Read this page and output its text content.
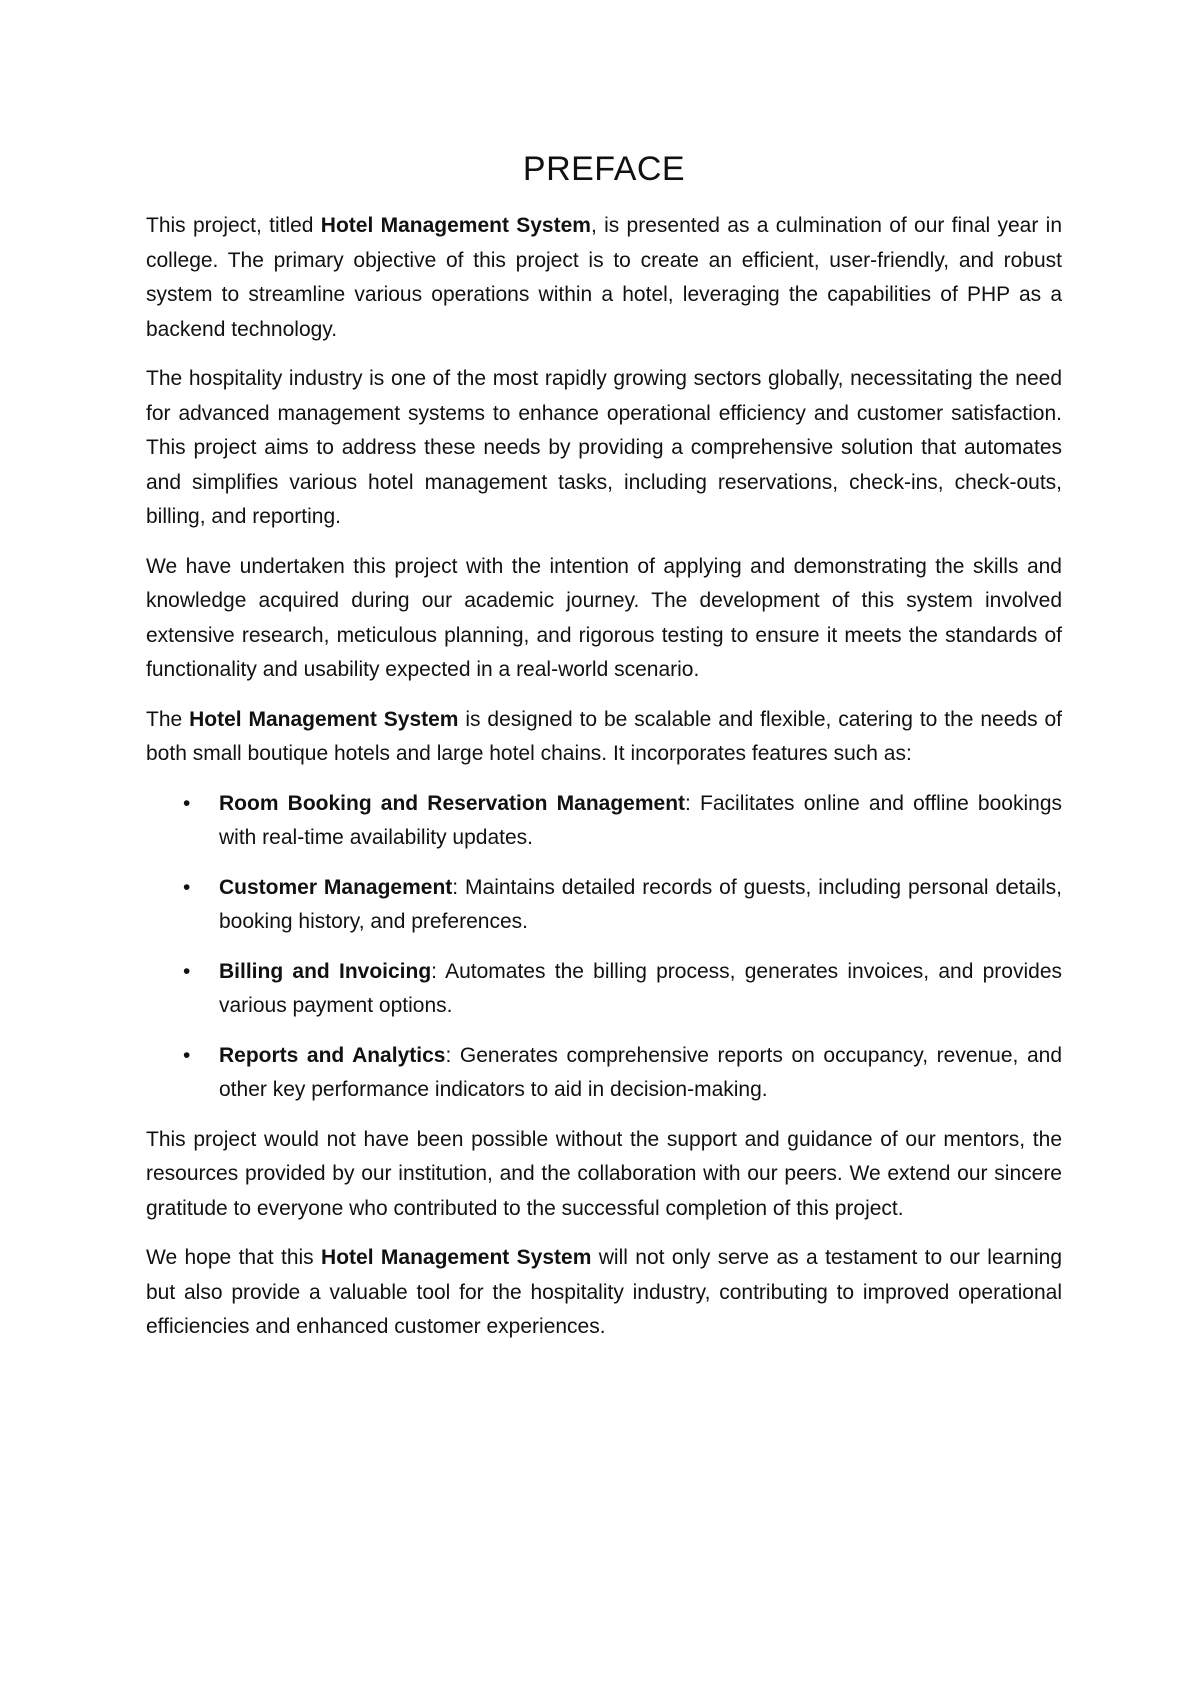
PREFACE

This project, titled Hotel Management System, is presented as a culmination of our final year in college. The primary objective of this project is to create an efficient, user-friendly, and robust system to streamline various operations within a hotel, leveraging the capabilities of PHP as a backend technology.

The hospitality industry is one of the most rapidly growing sectors globally, necessitating the need for advanced management systems to enhance operational efficiency and customer satisfaction. This project aims to address these needs by providing a comprehensive solution that automates and simplifies various hotel management tasks, including reservations, check-ins, check-outs, billing, and reporting.

We have undertaken this project with the intention of applying and demonstrating the skills and knowledge acquired during our academic journey. The development of this system involved extensive research, meticulous planning, and rigorous testing to ensure it meets the standards of functionality and usability expected in a real-world scenario.

The Hotel Management System is designed to be scalable and flexible, catering to the needs of both small boutique hotels and large hotel chains. It incorporates features such as:

• Room Booking and Reservation Management: Facilitates online and offline bookings with real-time availability updates.
• Customer Management: Maintains detailed records of guests, including personal details, booking history, and preferences.
• Billing and Invoicing: Automates the billing process, generates invoices, and provides various payment options.
• Reports and Analytics: Generates comprehensive reports on occupancy, revenue, and other key performance indicators to aid in decision-making.

This project would not have been possible without the support and guidance of our mentors, the resources provided by our institution, and the collaboration with our peers. We extend our sincere gratitude to everyone who contributed to the successful completion of this project.

We hope that this Hotel Management System will not only serve as a testament to our learning but also provide a valuable tool for the hospitality industry, contributing to improved operational efficiencies and enhanced customer experiences.
